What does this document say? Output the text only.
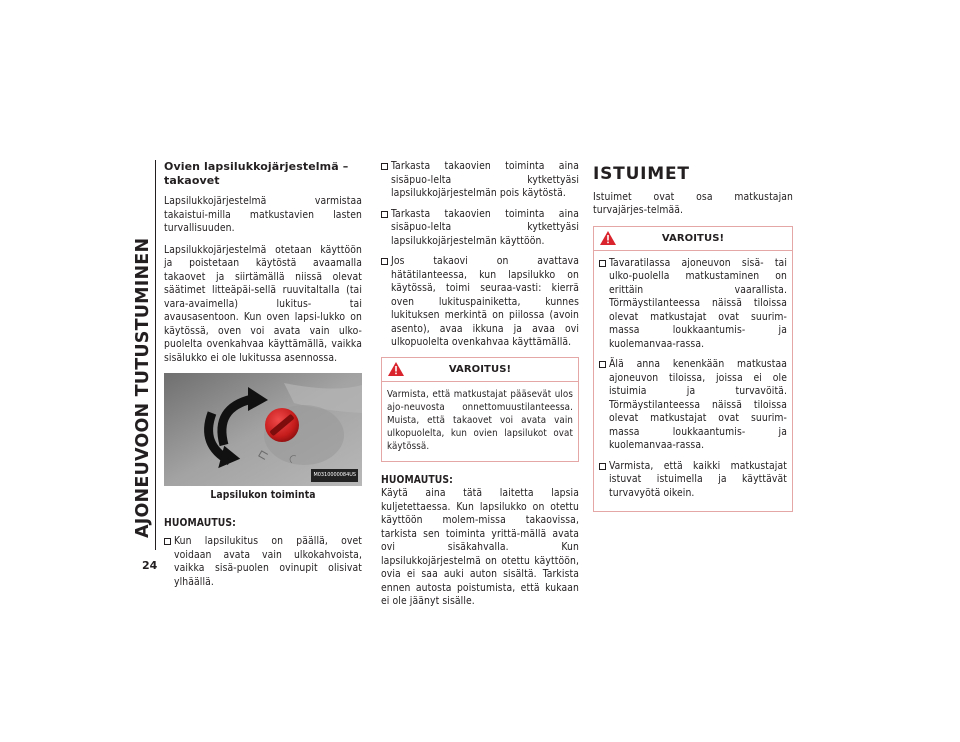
AJONEUVOON TUTUSTUMINEN
24
Ovien lapsilukkojärjestelmä – takaovet
Lapsilukkojärjestelmä varmistaa takaistui-milla matkustavien lasten turvallisuuden.
Lapsilukkojärjestelmä otetaan käyttöön ja poistetaan käytöstä avaamalla takaovet ja siirtämällä niissä olevat säätimet litteäpäi-sellä ruuvitaltalla (tai vara-avaimella) lukitus- tai avausasentoon. Kun oven lapsi-lukko on käytössä, oven voi avata vain ulko-puolelta ovenkahvaa käyttämällä, vaikka sisälukko ei ole lukitussa asennossa.
⊓ ◠
M0310000084US
Lapsilukon toiminta
HUOMAUTUS:
Kun lapsilukitus on päällä, ovet voidaan avata vain ulkokahvoista, vaikka sisä-puolen ovinupit olisivat ylhäällä.
Tarkasta takaovien toiminta aina sisäpuo-lelta kytkettyäsi lapsilukkojärjestelmän pois käytöstä.
Tarkasta takaovien toiminta aina sisäpuo-lelta kytkettyäsi lapsilukkojärjestelmän käyttöön.
Jos takaovi on avattava hätätilanteessa, kun lapsilukko on käytössä, toimi seuraa-vasti: kierrä oven lukituspainiketta, kunnes lukituksen merkintä on piilossa (avoin asento), avaa ikkuna ja avaa ovi ulkopuolelta ovenkahvaa käyttämällä.
VAROITUS!
Varmista, että matkustajat pääsevät ulos ajo-neuvosta onnettomuustilanteessa. Muista, että takaovet voi avata vain ulkopuolelta, kun ovien lapsilukot ovat käytössä.
HUOMAUTUS:
Käytä aina tätä laitetta lapsia kuljetettaessa. Kun lapsilukko on otettu käyttöön molem-missa takaovissa, tarkista sen toiminta yrittä-mällä avata ovi sisäkahvalla. Kun lapsilukkojärjestelmä on otettu käyttöön, ovia ei saa auki auton sisältä. Tarkista ennen autosta poistumista, että kukaan ei ole jäänyt sisälle.
ISTUIMET
Istuimet ovat osa matkustajan turvajärjes-telmää.
VAROITUS!
Tavaratilassa ajoneuvon sisä- tai ulko-puolella matkustaminen on erittäin vaarallista. Törmäystilanteessa näissä tiloissa olevat matkustajat ovat suurim-massa loukkaantumis- ja kuolemanvaa-rassa.
Älä anna kenenkään matkustaa ajoneuvon tiloissa, joissa ei ole istuimia ja turvavöitä. Törmäystilanteessa näissä tiloissa olevat matkustajat ovat suurim-massa loukkaantumis- ja kuolemanvaa-rassa.
Varmista, että kaikki matkustajat istuvat istuimella ja käyttävät turvavyötä oikein.
